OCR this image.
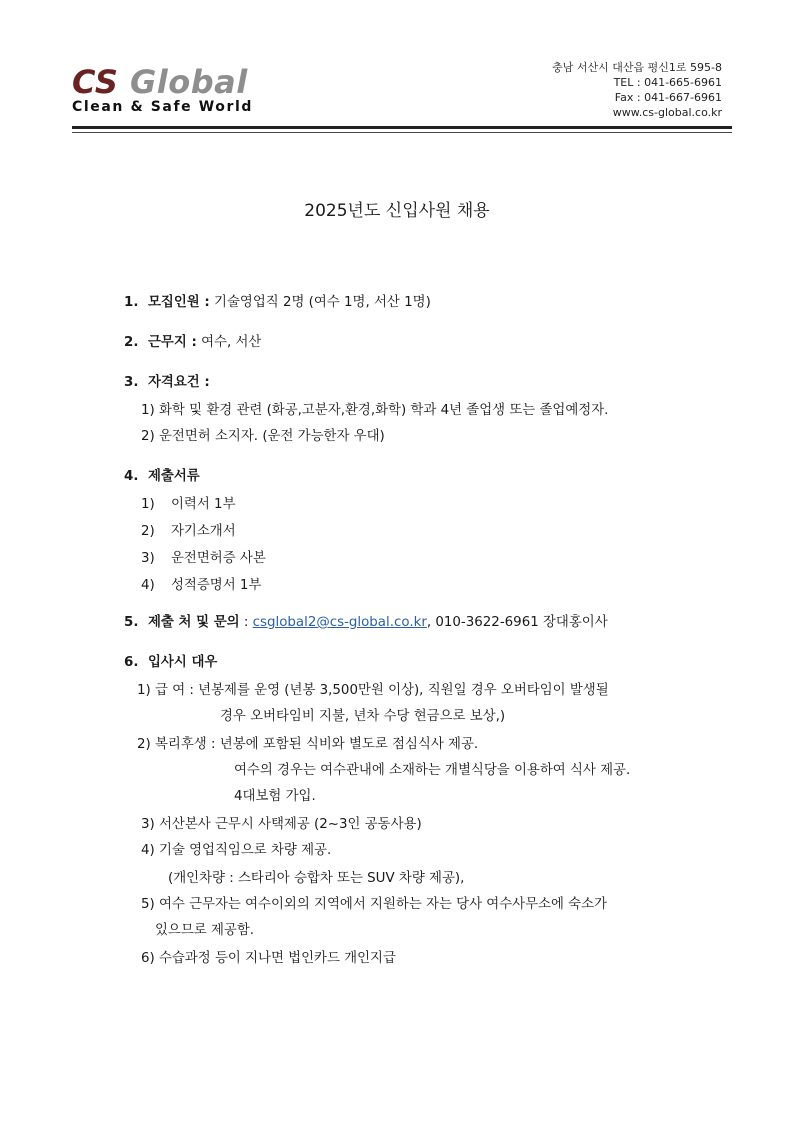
CS Global
Clean & Safe World
충남 서산시 대산읍 평신1로 595-8
TEL : 041-665-6961
Fax : 041-667-6961
www.cs-global.co.kr
2025년도 신입사원 채용
1. 모집인원 : 기술영업직 2명 (여수 1명, 서산 1명)
2. 근무지 : 여수, 서산
3. 자격요건 :
1) 화학 및 환경 관련 (화공,고분자,환경,화학) 학과 4년 졸업생 또는 졸업예정자.
2) 운전면허 소지자. (운전 가능한자 우대)
4. 제출서류
1) 이력서 1부
2) 자기소개서
3) 운전면허증 사본
4) 성적증명서 1부
5. 제출 처 및 문의 : csglobal2@cs-global.co.kr, 010-3622-6961 장대홍이사
6. 입사시 대우
1) 급 여 : 년봉제를 운영 (년봉 3,500만원 이상), 직원일 경우 오버타임이 발생될
경우 오버타임비 지불, 년차 수당 현금으로 보상,)
2) 복리후생 : 년봉에 포함된 식비와 별도로 점심식사 제공.
여수의 경우는 여수관내에 소재하는 개별식당을 이용하여 식사 제공.
4대보험 가입.
3) 서산본사 근무시 사택제공 (2~3인 공동사용)
4) 기술 영업직임으로 차량 제공.
(개인차량 : 스타리아 승합차 또는 SUV 차량 제공),
5) 여수 근무자는 여수이외의 지역에서 지원하는 자는 당사 여수사무소에 숙소가
있으므로 제공함.
6) 수습과정 등이 지나면 법인카드 개인지급
